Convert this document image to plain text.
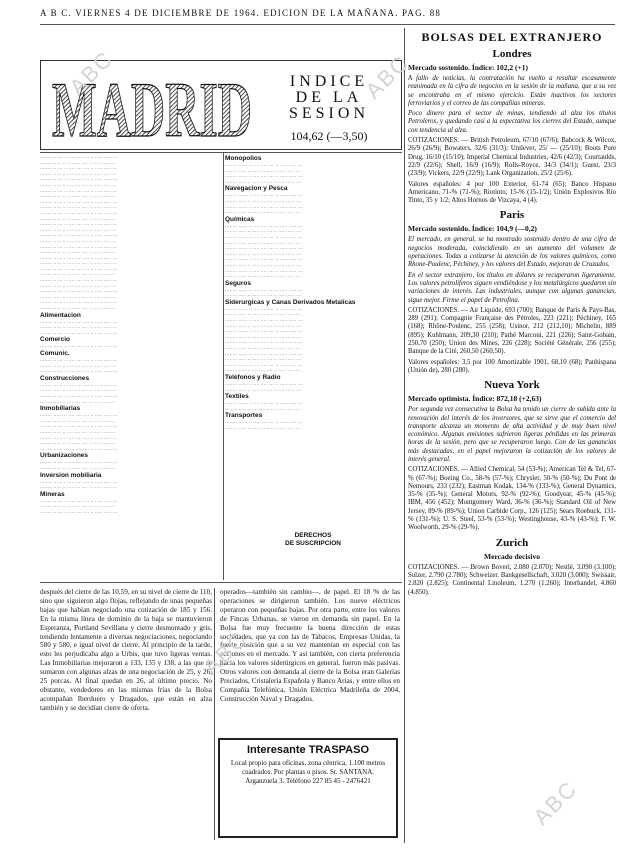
A B C. VIERNES 4 DE DICIEMBRE DE 1964. EDICION DE LA MAÑANA. PAG. 88
MADRID	INDICE
DE LA
SESION
104,62 (—3,50)
········ ······ ·· ···· ···· ···· ·· ····· ····· ···
········ ····· ·· ···· ···· ···· ·· ····· ····· ···
········ ······ ·· ···· ···· ···· ·· ····· ····· ···
········ ····· ·· ···· ···· ···· ·· ····· ····· ···
········ ······ ·· ···· ···· ···· ·· ····· ····· ···
········ ····· ·· ···· ···· ···· ·· ····· ····· ···
········ ······ ·· ···· ···· ···· ·· ····· ····· ···
········ ····· ·· ···· ···· ···· ·· ····· ····· ···
········ ······ ·· ···· ···· ···· ·· ····· ····· ···
········ ····· ·· ···· ···· ···· ·· ····· ····· ···
········ ······ ·· ···· ···· ···· ·· ····· ····· ···
········ ····· ·· ···· ···· ···· ·· ····· ····· ···
········ ······ ·· ···· ···· ···· ·· ····· ····· ···
········ ····· ·· ···· ···· ···· ·· ····· ····· ···
········ ······ ·· ···· ···· ···· ·· ····· ····· ···
········ ····· ·· ···· ···· ···· ·· ····· ····· ···
········ ······ ·· ···· ···· ···· ·· ····· ····· ···
········ ····· ·· ···· ···· ···· ·· ····· ····· ···
········ ······ ·· ···· ···· ···· ·· ····· ····· ···
········ ····· ·· ···· ···· ···· ·· ····· ····· ···
········ ······ ·· ···· ···· ···· ·· ····· ····· ···
········ ····· ·· ···· ···· ···· ·· ····· ····· ···
········ ······ ·· ···· ···· ···· ·· ····· ····· ···
········ ····· ·· ···· ···· ···· ·· ····· ····· ···
········ ······ ·· ···· ···· ···· ·· ····· ····· ···
········ ····· ·· ···· ···· ···· ·· ····· ····· ···
········ ······ ·· ···· ···· ···· ·· ····· ····· ···
········ ····· ·· ···· ···· ···· ·· ····· ····· ···
Alimentacion
········ ······ ·· ···· ···· ···· ·· ····· ····· ···
········ ····· ·· ···· ···· ···· ·· ····· ····· ···
········ ······ ·· ···· ···· ···· ·· ····· ····· ···
Comercio
········ ······ ·· ···· ···· ···· ·· ····· ····· ···
Comunic.
········ ······ ·· ···· ···· ···· ·· ····· ····· ···
········ ····· ·· ···· ···· ···· ·· ····· ····· ···
········ ······ ·· ···· ···· ···· ·· ····· ····· ···
Construcciones
········ ······ ·· ···· ···· ···· ·· ····· ····· ···
········ ····· ·· ···· ···· ···· ·· ····· ····· ···
········ ······ ·· ···· ···· ···· ·· ····· ····· ···
········ ····· ·· ···· ···· ···· ·· ····· ····· ···
Inmobiliarias
········ ······ ·· ···· ···· ···· ·· ····· ····· ···
········ ····· ·· ···· ···· ···· ·· ····· ····· ···
········ ······ ·· ···· ···· ···· ·· ····· ····· ···
········ ····· ·· ···· ···· ···· ·· ····· ····· ···
········ ······ ·· ···· ···· ···· ·· ····· ····· ···
········ ····· ·· ···· ···· ···· ·· ····· ····· ···
········ ······ ·· ···· ···· ···· ·· ····· ····· ···
Urbanizaciones
········ ······ ·· ···· ···· ···· ·· ····· ····· ···
········ ····· ·· ···· ···· ···· ·· ····· ····· ···
Inversion mobiliaria
········ ······ ·· ···· ···· ···· ·· ····· ····· ···
········ ····· ·· ···· ···· ···· ·· ····· ····· ···
Mineras
········ ······ ·· ···· ···· ···· ·· ····· ····· ···
········ ····· ·· ···· ···· ···· ·· ····· ····· ···
········ ······ ·· ···· ···· ···· ·· ····· ····· ···
Monopolios
········ ······ ·· ···· ···· ···· ·· ····· ····· ···
········ ····· ·· ···· ···· ···· ·· ····· ····· ···
········ ······ ·· ···· ···· ···· ·· ····· ····· ···
········ ····· ·· ···· ···· ···· ·· ····· ····· ···
Navegacion y Pesca
········ ······ ·· ···· ···· ···· ·· ····· ····· ···
········ ····· ·· ···· ···· ···· ·· ····· ····· ···
········ ······ ·· ···· ···· ···· ·· ····· ····· ···
········ ····· ·· ···· ···· ···· ·· ····· ····· ···
Químicas
········ ······ ·· ···· ···· ···· ·· ····· ····· ···
········ ····· ·· ···· ···· ···· ·· ····· ····· ···
········ ······ ·· ···· ···· ···· ·· ····· ····· ···
········ ····· ·· ···· ···· ···· ·· ····· ····· ···
········ ······ ·· ···· ···· ···· ·· ····· ····· ···
········ ····· ·· ···· ···· ···· ·· ····· ····· ···
········ ······ ·· ···· ···· ···· ·· ····· ····· ···
········ ····· ·· ···· ···· ···· ·· ····· ····· ···
········ ······ ·· ···· ···· ···· ·· ····· ····· ···
········ ····· ·· ···· ···· ···· ·· ····· ····· ···
Seguros
········ ······ ·· ···· ···· ···· ·· ····· ····· ···
········ ····· ·· ···· ···· ···· ·· ····· ····· ···
Siderurgicas y Canas Derivados Metalicas
········ ······ ·· ···· ···· ···· ·· ····· ····· ···
········ ····· ·· ···· ···· ···· ·· ····· ····· ···
········ ······ ·· ···· ···· ···· ·· ····· ····· ···
········ ····· ·· ···· ···· ···· ·· ····· ····· ···
········ ······ ·· ···· ···· ···· ·· ····· ····· ···
········ ····· ·· ···· ···· ···· ·· ····· ····· ···
········ ······ ·· ···· ···· ···· ·· ····· ····· ···
········ ····· ·· ···· ···· ···· ·· ····· ····· ···
········ ······ ·· ···· ···· ···· ·· ····· ····· ···
········ ····· ·· ···· ···· ···· ·· ····· ····· ···
········ ······ ·· ···· ···· ···· ·· ····· ····· ···
········ ····· ·· ···· ···· ···· ·· ····· ····· ···
Teléfonos y Radio
········ ······ ·· ···· ···· ···· ·· ····· ····· ···
········ ····· ·· ···· ···· ···· ·· ····· ····· ···
Textiles
········ ······ ·· ···· ···· ···· ·· ····· ····· ···
········ ····· ·· ···· ···· ···· ·· ····· ····· ···
Transportes
········ ······ ·· ···· ···· ···· ·· ····· ····· ···
········ ····· ·· ···· ···· ···· ·· ····· ····· ···
DERECHOS
DE SUSCRIPCION
después del cierre de las 10,59, en su nivel de cierre de 110, sino que siguieron algo flojas, reflejando de unas pequeñas bajas que habían negociado una cotización de 185 y 156. En la misma línea de dominio de la baja se mantuvieron Esperanza, Portland Sevillana y cierre desmontado y gris, tendiendo lentamente a diversas negociaciones, negociando 580 y 580, e igual nivel de cierre. Al principio de la tarde, esto les perjudicaba algo a Urbis, que tuvo ligeras ventas. Las Inmobiliarias mejoraron a 133, 135 y 138, a las que se sumaron con algunas alzas de una negociación de 25, y 26, 25 porcas. Al final quedan en 26, al último precio. No obstante, vendedores en las mismas frías de la Bolsa acompañan Iberduero y Dragados, que están en alza también y se decidían cierre de oferta.
operados—también sin cambio—, de papel. El 18 % de las operaciones se dirigieron también. Los nueve eléctricos operaron con pequeñas bajas. Por otra parte, entre los valores de Fincas Urbanas, se vieron en demanda sin papel. En la Bolsa fue muy frecuente la buena dirección de estas sociedades, que ya con las de Tabacos, Empresas Unidas, la fuerte posición que a su vez mantenían en especial con las acciones en el mercado. Y así también, con cierta preferencia hacia los valores siderúrgicos en general, fueron más pasivas. Otros valores con demanda al cierre de la Bolsa eran Galerías Preciados, Cristalería Española y Banco Arias, y entre ellos en Compañía Telefónica, Unión Eléctrica Madrileña de 2004, Construcción Naval y Dragados.
Interesante TRASPASO
Local propio para oficinas, zona céntrica, 1.100 metros cuadrados. Por plantas o pisos. Sr. SANTANA. Arganzuela 3. Teléfono 227 85 45 - 2476421
BOLSAS DEL EXTRANJERO
Londres
Mercado sostenido. Índice: 102,2 (+1)
A fallo de noticias, la contratación ha vuelto a resultar escasamente reanimada en la cifra de negocios en la sesión de la mañana, que a su vez se encontraba en el mismo ejercicio. Están inactivos los sectores ferroviarios y el correo de las compañías mineras.
Poco dinero para el sector de minas, tendiendo al alza los títulos Petroleros, y quedando casi a la expectativa los cierres del Estado, aunque con tendencia al alza.
COTIZACIONES. — British Petroleum, 67/10 (67/6); Babcock & Wilcox, 26/9 (26/9); Bowaters, 32/6 (31/3); Unilever, 25/ — (25/10); Boots Pure Drug, 16/10 (15/10); Imperial Chemical Industries, 42/6 (42/3); Courtaulds, 22/9 (22/6); Shell, 16/9 (16/9); Rolls-Royce, 34/3 (34/1); Guest, 23/3 (23/9); Vickers, 22/9 (22/9); Lank Organization, 25/2 (25/6).
Valores españoles: 4 por 100 Exterior, 61-74 (65); Banco Hispano Americano, 71-% (71-%); Riotinto, 15-% (15-1/2); Unión Explosivos Río Tinto, 35 y 1/2; Altos Hornos de Vizcaya, 4 (4).
Paris
Mercado sostenido. Índice: 104,9 (—0,2)
El mercado, en general, se ha mostrado sostenido dentro de una cifra de negocios moderada, coincidiendo en un aumento del volumen de operaciones. Todas a cotizarse la atención de los valores químicos, como Rhone-Poulenc, Péchiney, y los valores del Estado, mejoran de Cruzados.
En el sector extranjero, los títulos en dólares se recuperaron ligeramente. Los valores petrolíferos siguen vendiéndose y los metalúrgicos quedaron sin variaciones de interés. Las industriales, aunque con algunas ganancias, sigue mejor. Firme el papel de Petrofina.
COTIZACIONES. — Air Liquide, 693 (700); Banque de Paris & Pays-Bas, 289 (291); Compagnie Française des Pétroles, 223 (221); Péchiney, 165 (168); Rhône-Poulenc, 255 (258); Usinor, 212 (212,10); Michelin, 889 (895); Kuhlmann, 209,30 (210); Pathé Marconi, 221 (226); Saint-Gobain, 250,70 (250); Union des Mines, 226 (228); Société Générale, 256 (255); Banque de la Cité, 260,50 (260,50).
Valores españoles: 3,5 por 100 Amortizable 1901, 68,10 (68); Panhispana (Unión de), 280 (280).
Nueva York
Mercado optimista. Índice: 872,18 (+2,63)
Por segunda vez consecutiva la Bolsa ha tenido un cierre de subida ante la renovación del interés de los inversores, que se sirve que el comercio del transporte alcanza un momento de alta actividad y de muy buen nivel económico. Algunas emisiones sufrieron ligeras pérdidas en las primeras horas de la sesión, pero que se recuperaron luego. Con de las ganancias más destacadas, en el papel mejoraron la cotización de los valores de interés general.
COTIZACIONES. — Allied Chemical, 54 (53-%); American Tel & Tel, 67-% (67-%); Boeing Co., 58-% (57-%); Chrysler, 50-% (50-%); Du Pont de Nemours, 233 (232); Eastman Kodak, 134-% (133-%); General Dynamics, 35-% (35-%); General Motors, 92-% (92-%); Goodyear, 45-% (45-%); IBM, 456 (452); Montgomery Ward, 36-% (36-%); Standard Oil of New Jersey, 89-% (89-%); Union Carbide Corp., 126 (125); Sears Roebuck, 131-% (131-%); U. S. Steel, 53-% (53-%); Westinghouse, 43-% (43-%); F. W. Woolworth, 29-% (29-%).
Zurich
Mercado decisivo
COTIZACIONES. — Brown Boveri, 2.080 (2.070); Nestlé, 3.090 (3.100); Sulzer, 2.790 (2.780); Schweizer. Bankgesellschaft, 3.020 (3.000); Swissair, 2.820 (2.825); Continental Linoleum, 1.270 (1.260); Interhandel, 4.860 (4.850).
ABC	ABC
ABC
ABC
